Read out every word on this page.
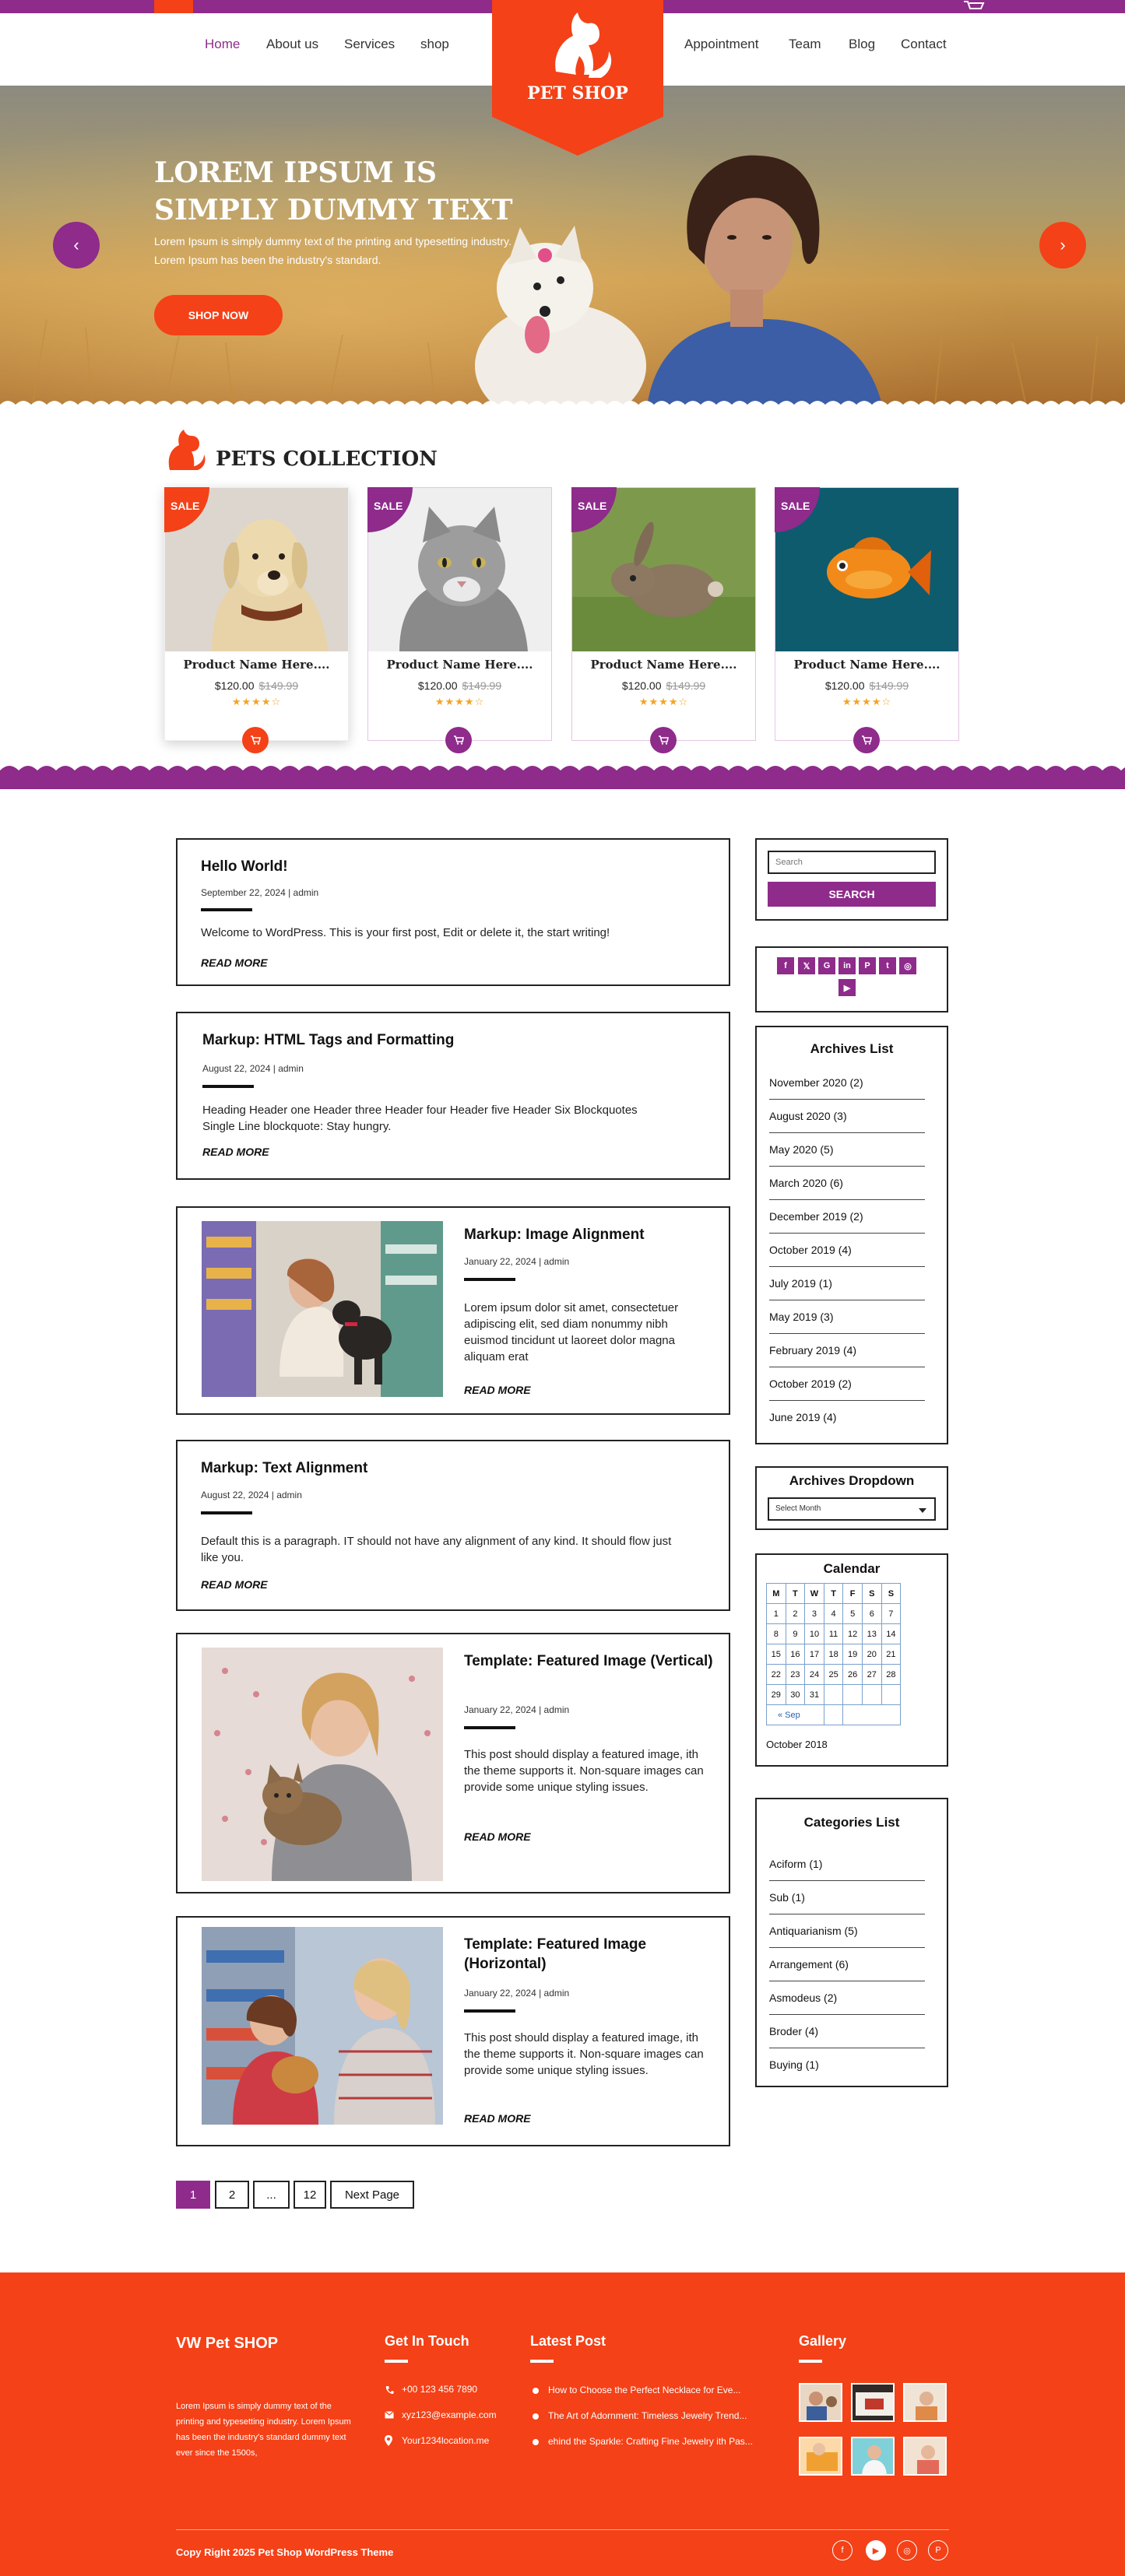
Home About us Services shop	Appointment Team Blog Contact
PET SHOP
LOREM IPSUM IS
SIMPLY DUMMY TEXT
Lorem Ipsum is simply dummy text of the printing and typesetting industry. Lorem Ipsum has been the industry's standard.
SHOP NOW
‹	›
PETS COLLECTION
SALE
Product Name Here....
$120.00 $149.99
★★★★☆
SALE
Product Name Here....
$120.00 $149.99
★★★★☆
SALE
Product Name Here....
$120.00 $149.99
★★★★☆
SALE
Product Name Here....
$120.00 $149.99
★★★★☆
Hello World!
September 22, 2024 | admin
Welcome to WordPress. This is your first post, Edit or delete it, the start writing!
READ MORE
Markup: HTML Tags and Formatting
August 22, 2024 | admin
Heading Header one Header three Header four Header five Header Six Blockquotes Single Line blockquote: Stay hungry.
READ MORE
Markup: Image Alignment
January 22, 2024 | admin
Lorem ipsum dolor sit amet, consectetuer adipiscing elit, sed diam nonummy nibh euismod tincidunt ut laoreet dolor magna aliquam erat
READ MORE
Markup: Text Alignment
August 22, 2024 | admin
Default this is a paragraph. IT should not have any alignment of any kind. It should flow just like you.
READ MORE
Template: Featured Image (Vertical)
January 22, 2024 | admin
This post should display a featured image, ith the theme supports it. Non-square images can provide some unique styling issues.
READ MORE
Template: Featured Image (Horizontal)
January 22, 2024 | admin
This post should display a featured image, ith the theme supports it. Non-square images can provide some unique styling issues.
READ MORE
1	2	...	12	Next Page
Search
SEARCH
f	𝕏	G	in	P	t	◎
▶
Archives List
November 2020 (2)
August 2020 (3)
May 2020 (5)
March 2020 (6)
December 2019 (2)
October 2019 (4)
July 2019 (1)
May 2019 (3)
February 2019 (4)
October 2019 (2)
June 2019 (4)
Archives Dropdown
Select Month
Calendar
M	T	W	T	F	S	S
1	2	3	4	5	6	7
8	9	10	11	12	13	14
15	16	17	18	19	20	21
22	23	24	25	26	27	28
29	30	31				
« Sep						
October 2018
Categories List
Aciform (1)
Sub (1)
Antiquarianism (5)
Arrangement (6)
Asmodeus (2)
Broder (4)
Buying (1)
VW Pet SHOP
Lorem Ipsum is simply dummy text of the printing and typesetting industry. Lorem Ipsum has been the industry's standard dummy text ever since the 1500s,
Get In Touch
+00 123 456 7890
xyz123@example.com
Your1234location.me
Latest Post
How to Choose the Perfect Necklace for Eve...
The Art of Adornment: Timeless Jewelry Trend...
ehind the Sparkle: Crafting Fine Jewelry ith Pas...
Gallery
Copy Right 2025 Pet Shop WordPress Theme	f	▶	◎	P
